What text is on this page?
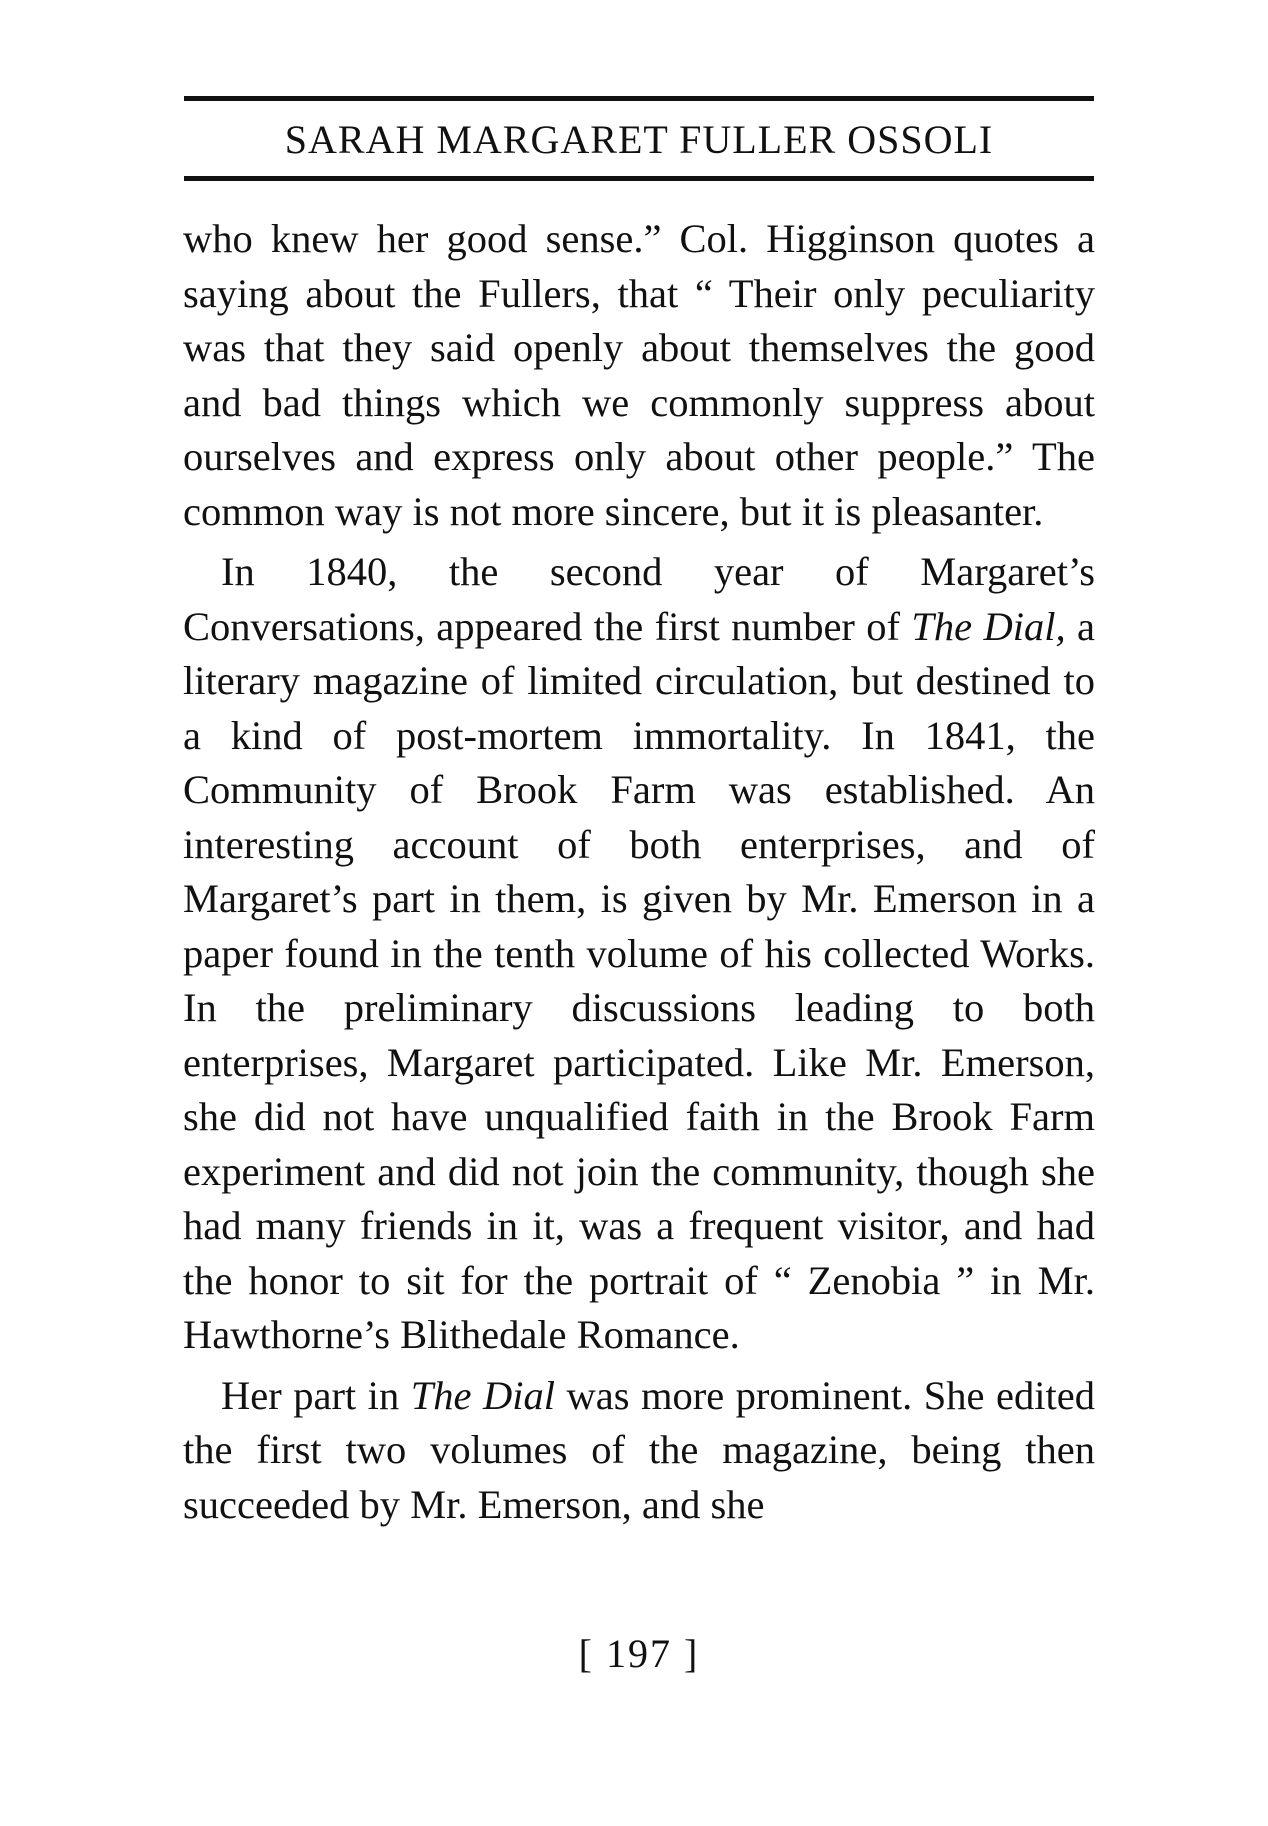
SARAH MARGARET FULLER OSSOLI

who knew her good sense.” Col. Higginson quotes a saying about the Fullers, that “ Their only peculiarity was that they said openly about themselves the good and bad things which we commonly suppress about ourselves and express only about other people.” The common way is not more sincere, but it is pleasanter.

In 1840, the second year of Margaret’s Conversations, appeared the first number of The Dial, a literary magazine of limited circulation, but destined to a kind of post-mortem immortality. In 1841, the Community of Brook Farm was established. An interesting account of both enterprises, and of Margaret’s part in them, is given by Mr. Emerson in a paper found in the tenth volume of his collected Works. In the preliminary discussions leading to both enterprises, Margaret participated. Like Mr. Emerson, she did not have unqualified faith in the Brook Farm experiment and did not join the community, though she had many friends in it, was a frequent visitor, and had the honor to sit for the portrait of “ Zenobia ” in Mr. Hawthorne’s Blithedale Romance.

Her part in The Dial was more prominent. She edited the first two volumes of the magazine, being then succeeded by Mr. Emerson, and she

[ 197 ]
